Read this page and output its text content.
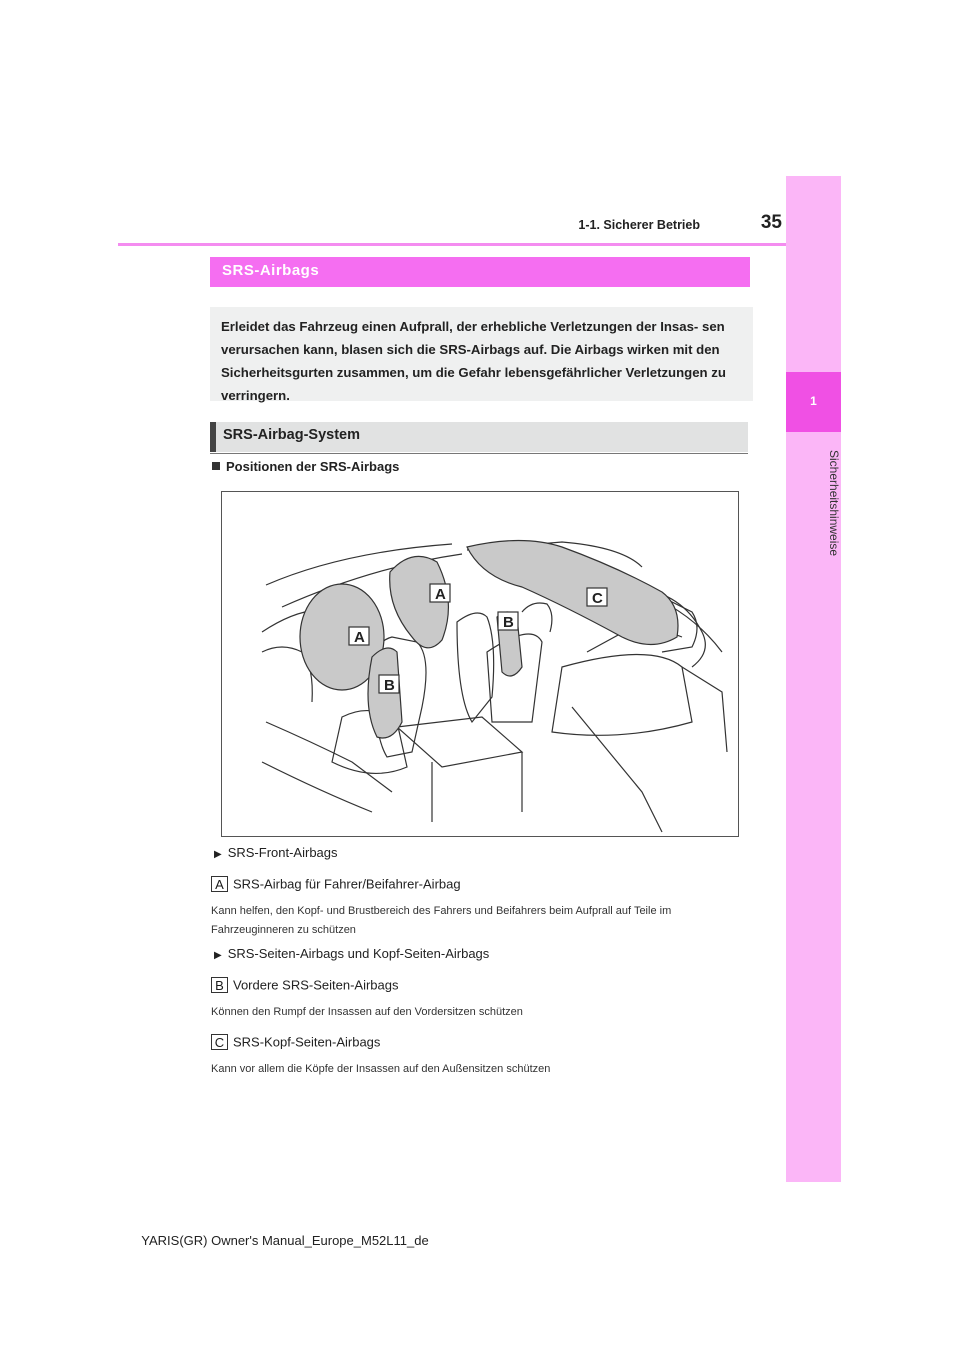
1-1. Sicherer Betrieb	35
1
Sicherheitshinweise
SRS-Airbags

Erleidet das Fahrzeug einen Aufprall, der erhebliche Verletzungen der Insas- sen verursachen kann, blasen sich die SRS-Airbags auf. Die Airbags wirken mit den Sicherheitsgurten zusammen, um die Gefahr lebensgefährlicher Verletzungen zu verringern.

SRS-Airbag-System
Positionen der SRS-Airbags
A
A
B
B
C
▶ SRS-Front-Airbags
A SRS-Airbag für Fahrer/Beifahrer-Airbag
Kann helfen, den Kopf- und Brustbereich des Fahrers und Beifahrers beim Aufprall auf Teile im Fahrzeuginneren zu schützen
▶ SRS-Seiten-Airbags und Kopf-Seiten-Airbags
B Vordere SRS-Seiten-Airbags
Können den Rumpf der Insassen auf den Vordersitzen schützen
C SRS-Kopf-Seiten-Airbags
Kann vor allem die Köpfe der Insassen auf den Außensitzen schützen
YARIS(GR) Owner's Manual_Europe_M52L11_de
